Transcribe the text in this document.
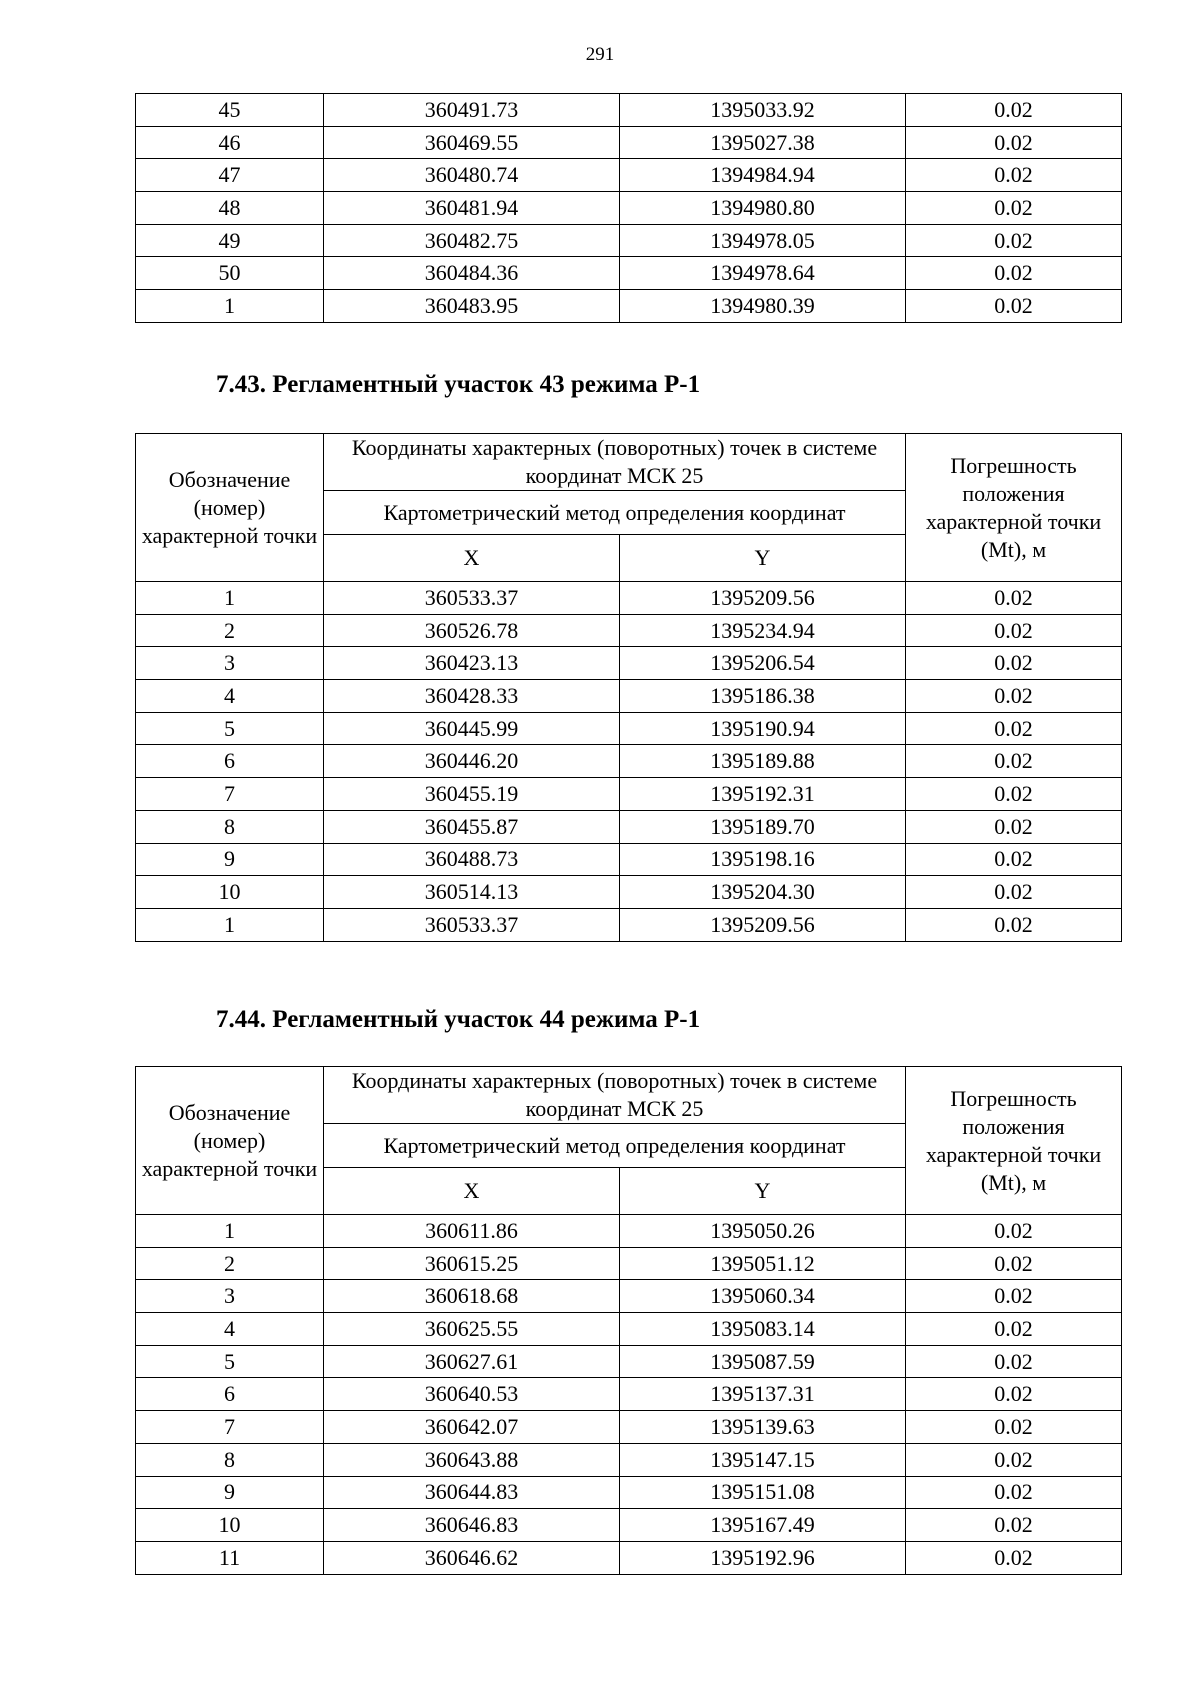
291
45	360491.73	1395033.92	0.02
46	360469.55	1395027.38	0.02
47	360480.74	1394984.94	0.02
48	360481.94	1394980.80	0.02
49	360482.75	1394978.05	0.02
50	360484.36	1394978.64	0.02
1	360483.95	1394980.39	0.02
7.43. Регламентный участок 43 режима Р-1
Обозначение (номер) характерной точки	Координаты характерных (поворотных) точек в системе координат МСК 25		Погрешность положения характерной точки (Mt), м
	Картометрический метод определения координат		
	X	Y	
1	360533.37	1395209.56	0.02
2	360526.78	1395234.94	0.02
3	360423.13	1395206.54	0.02
4	360428.33	1395186.38	0.02
5	360445.99	1395190.94	0.02
6	360446.20	1395189.88	0.02
7	360455.19	1395192.31	0.02
8	360455.87	1395189.70	0.02
9	360488.73	1395198.16	0.02
10	360514.13	1395204.30	0.02
1	360533.37	1395209.56	0.02
7.44. Регламентный участок 44 режима Р-1
Обозначение (номер) характерной точки	Координаты характерных (поворотных) точек в системе координат МСК 25		Погрешность положения характерной точки (Mt), м
	Картометрический метод определения координат		
	X	Y	
1	360611.86	1395050.26	0.02
2	360615.25	1395051.12	0.02
3	360618.68	1395060.34	0.02
4	360625.55	1395083.14	0.02
5	360627.61	1395087.59	0.02
6	360640.53	1395137.31	0.02
7	360642.07	1395139.63	0.02
8	360643.88	1395147.15	0.02
9	360644.83	1395151.08	0.02
10	360646.83	1395167.49	0.02
11	360646.62	1395192.96	0.02
